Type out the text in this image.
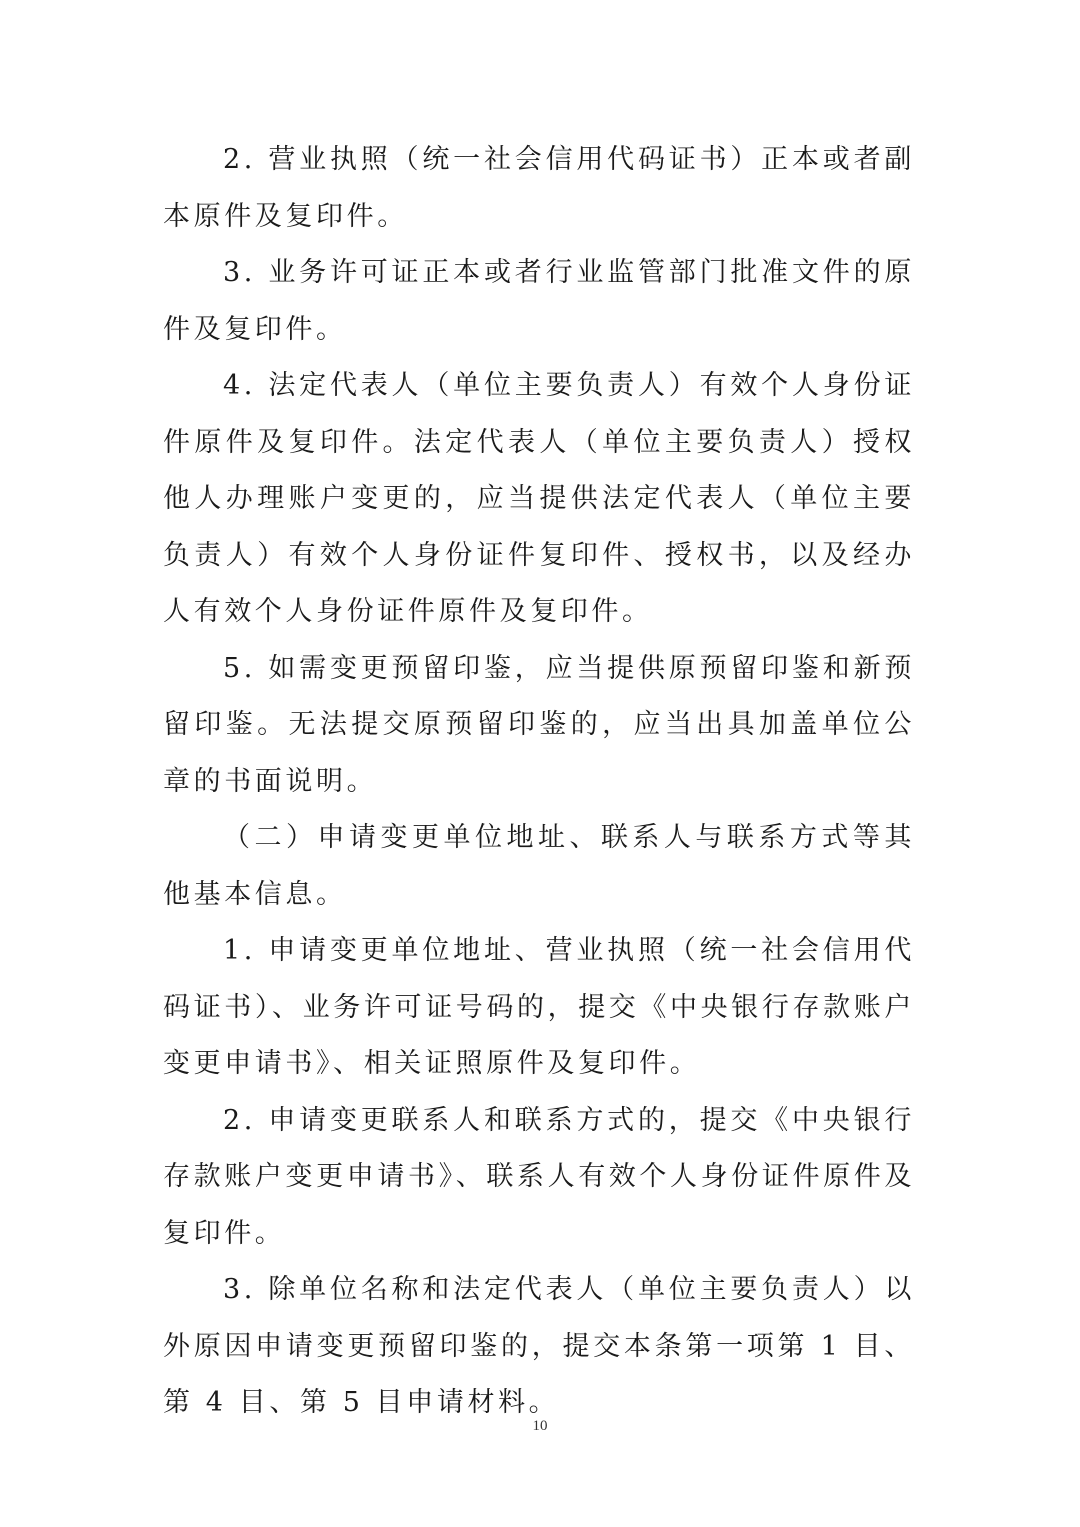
2. 营业执照（统一社会信用代码证书）正本或者副本原件及复印件。

3. 业务许可证正本或者行业监管部门批准文件的原件及复印件。

4. 法定代表人（单位主要负责人）有效个人身份证件原件及复印件。法定代表人（单位主要负责人）授权他人办理账户变更的，应当提供法定代表人（单位主要负责人）有效个人身份证件复印件、授权书，以及经办人有效个人身份证件原件及复印件。

5. 如需变更预留印鉴，应当提供原预留印鉴和新预留印鉴。无法提交原预留印鉴的，应当出具加盖单位公章的书面说明。

（二）申请变更单位地址、联系人与联系方式等其他基本信息。

1. 申请变更单位地址、营业执照（统一社会信用代码证书）、业务许可证号码的，提交《中央银行存款账户变更申请书》、相关证照原件及复印件。

2. 申请变更联系人和联系方式的，提交《中央银行存款账户变更申请书》、联系人有效个人身份证件原件及复印件。

3. 除单位名称和法定代表人（单位主要负责人）以外原因申请变更预留印鉴的，提交本条第一项第 1 目、第 4 目、第 5 目申请材料。

10
